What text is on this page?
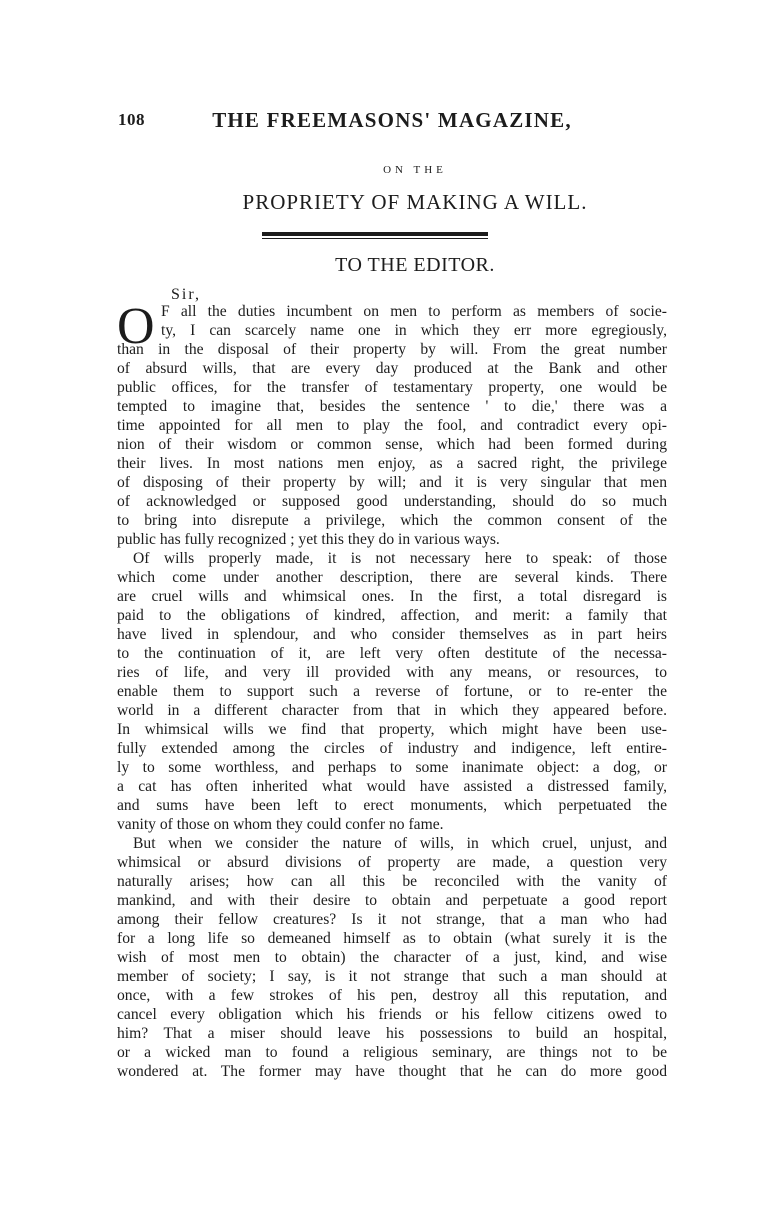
108	THE FREEMASONS' MAGAZINE,
ON THE
PROPRIETY OF MAKING A WILL.
TO THE EDITOR.
Sir,
O F all the duties incumbent on men to perform as members of socie-
ty, I can scarcely name one in which they err more egregiously,
than in the disposal of their property by will. From the great number
of absurd wills, that are every day produced at the Bank and other
public offices, for the transfer of testamentary property, one would be
tempted to imagine that, besides the sentence ' to die,' there was a
time appointed for all men to play the fool, and contradict every opi-
nion of their wisdom or common sense, which had been formed during
their lives. In most nations men enjoy, as a sacred right, the privilege
of disposing of their property by will; and it is very singular that men
of acknowledged or supposed good understanding, should do so much
to bring into disrepute a privilege, which the common consent of the
public has fully recognized ; yet this they do in various ways.
Of wills properly made, it is not necessary here to speak: of those
which come under another description, there are several kinds. There
are cruel wills and whimsical ones. In the first, a total disregard is
paid to the obligations of kindred, affection, and merit: a family that
have lived in splendour, and who consider themselves as in part heirs
to the continuation of it, are left very often destitute of the necessa-
ries of life, and very ill provided with any means, or resources, to
enable them to support such a reverse of fortune, or to re-enter the
world in a different character from that in which they appeared before.
In whimsical wills we find that property, which might have been use-
fully extended among the circles of industry and indigence, left entire-
ly to some worthless, and perhaps to some inanimate object: a dog, or
a cat has often inherited what would have assisted a distressed family,
and sums have been left to erect monuments, which perpetuated the
vanity of those on whom they could confer no fame.
But when we consider the nature of wills, in which cruel, unjust, and
whimsical or absurd divisions of property are made, a question very
naturally arises; how can all this be reconciled with the vanity of
mankind, and with their desire to obtain and perpetuate a good report
among their fellow creatures? Is it not strange, that a man who had
for a long life so demeaned himself as to obtain (what surely it is the
wish of most men to obtain) the character of a just, kind, and wise
member of society; I say, is it not strange that such a man should at
once, with a few strokes of his pen, destroy all this reputation, and
cancel every obligation which his friends or his fellow citizens owed to
him? That a miser should leave his possessions to build an hospital,
or a wicked man to found a religious seminary, are things not to be
wondered at. The former may have thought that he can do more good
